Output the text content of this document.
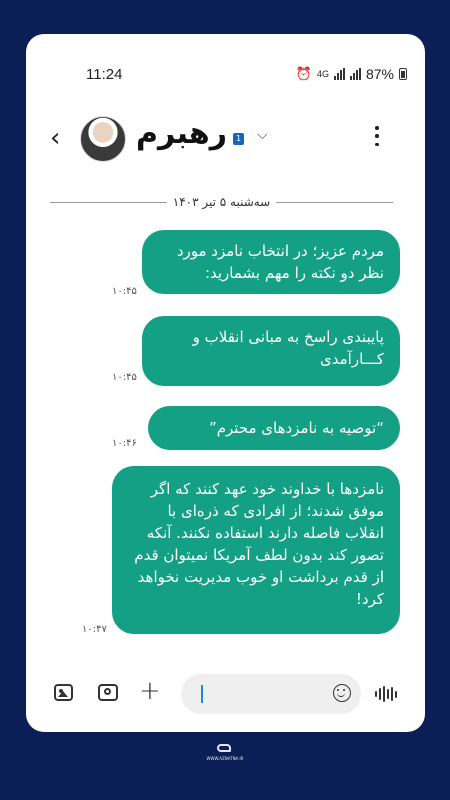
11:24	⏰ 4G	87%
‹	رهبرم	1 ⌵
سه‌شنبه ۵ تیر ۱۴۰۳
مردم عزیز؛ در انتخاب نامزد مورد نظر دو نکته را مهم بشمارید:
۱۰:۴۵
پایبندی راسخ به مبانی انقلاب و کـــارآمدی
۱۰:۴۵
“توصیه به نامزدهای محترم”
۱۰:۴۶
نامزدها با خداوند خود عهد کنند که اگر موفق شدند؛ از افرادی که ذره‌ای با انقلاب فاصله دارند استفاده نکنند. آنکه تصور کند بدون لطف آمریکا نمیتوان قدم از قدم برداشت او خوب مدیریت نخواهد کرد!
۱۰:۴۷
+
WWW.AZNATNA.IR
